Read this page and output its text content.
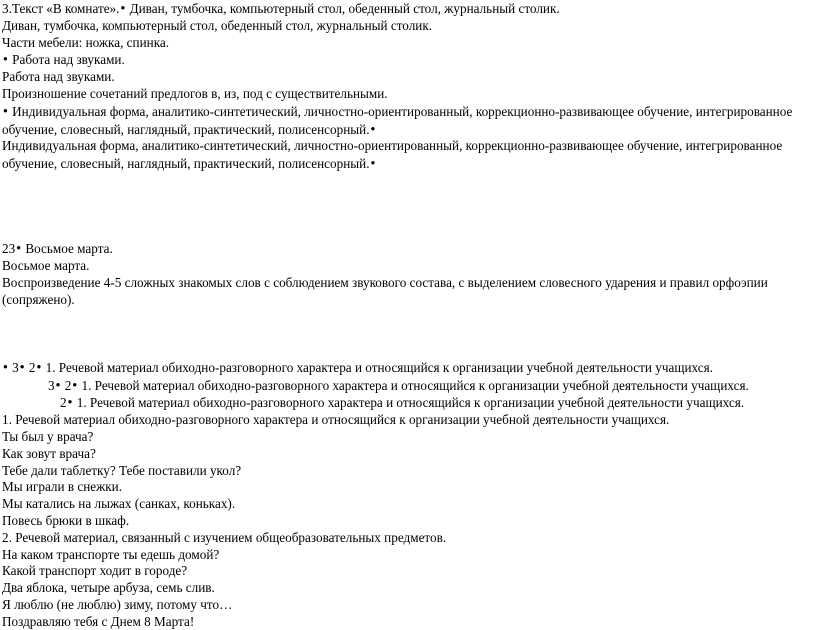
3.Текст «В комнате».● Диван, тумбочка, компьютерный стол, обеденный стол, журнальный столик.
Диван, тумбочка, компьютерный стол, обеденный стол, журнальный столик.
Части мебели: ножка, спинка.
● Работа над звуками.
Работа над звуками.
Произношение сочетаний предлогов в, из, под с существительными.
● Индивидуальная форма, аналитико-синтетический, личностно-ориентированный, коррекционно-развивающее обучение, интегрированное обучение, словесный, наглядный, практический, полисенсорный.●
Индивидуальная форма, аналитико-синтетический, личностно-ориентированный, коррекционно-развивающее обучение, интегрированное обучение, словесный, наглядный, практический, полисенсорный.●
23● Восьмое марта.
Восьмое марта.
Воспроизведение 4-5 сложных знакомых слов с соблюдением звукового состава, с выделением словесного ударения и правил орфоэпии (сопряжено).
● 3● 2● 1. Речевой материал обиходно-разговорного характера и относящийся к организации учебной деятельности учащихся.
3● 2● 1. Речевой материал обиходно-разговорного характера и относящийся к организации учебной деятельности учащихся.
2● 1. Речевой материал обиходно-разговорного характера и относящийся к организации учебной деятельности учащихся.
1. Речевой материал обиходно-разговорного характера и относящийся к организации учебной деятельности учащихся.
Ты был у врача?
Как зовут врача?
Тебе дали таблетку? Тебе поставили укол?
Мы играли в снежки.
Мы катались на лыжах (санках, коньках).
Повесь брюки в шкаф.
2. Речевой материал, связанный с изучением общеобразовательных предметов.
На каком транспорте ты едешь домой?
Какой транспорт ходит в городе?
Два яблока, четыре арбуза, семь слив.
Я люблю (не люблю) зиму, потому что…
Поздравляю тебя с Днем 8 Марта!
